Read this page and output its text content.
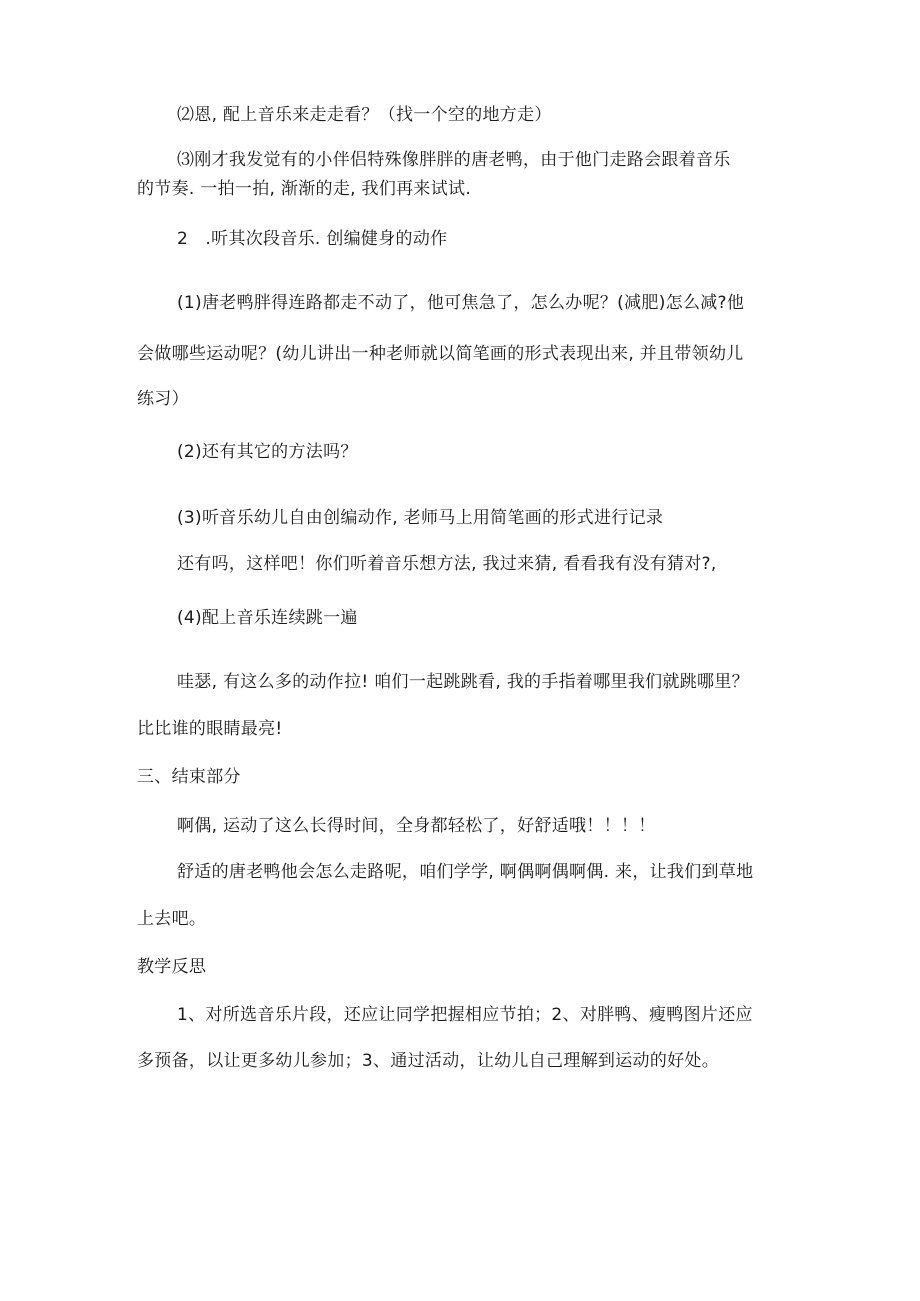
⑵恩, 配上音乐来走走看？（找一个空的地方走）
⑶刚才我发觉有的小伴侣特殊像胖胖的唐老鸭，由于他门走路会跟着音乐
的节奏. 一拍一拍, 渐渐的走, 我们再来试试.
2　.听其次段音乐. 创编健身的动作
(1)唐老鸭胖得连路都走不动了，他可焦急了，怎么办呢？(减肥)怎么减?他
会做哪些运动呢？(幼儿讲出一种老师就以简笔画的形式表现出来, 并且带领幼儿
练习）
(2)还有其它的方法吗？
(3)听音乐幼儿自由创编动作, 老师马上用简笔画的形式进行记录
还有吗，这样吧！你们听着音乐想方法, 我过来猜, 看看我有没有猜对?,
(4)配上音乐连续跳一遍
哇瑟, 有这么多的动作拉! 咱们一起跳跳看, 我的手指着哪里我们就跳哪里？
比比谁的眼睛最亮!
三、结束部分
啊偶, 运动了这么长得时间，全身都轻松了，好舒适哦！！！！
舒适的唐老鸭他会怎么走路呢，咱们学学, 啊偶啊偶啊偶. 来，让我们到草地
上去吧。
教学反思
1、对所选音乐片段，还应让同学把握相应节拍；2、对胖鸭、瘦鸭图片还应
多预备，以让更多幼儿参加；3、通过活动，让幼儿自己理解到运动的好处。
